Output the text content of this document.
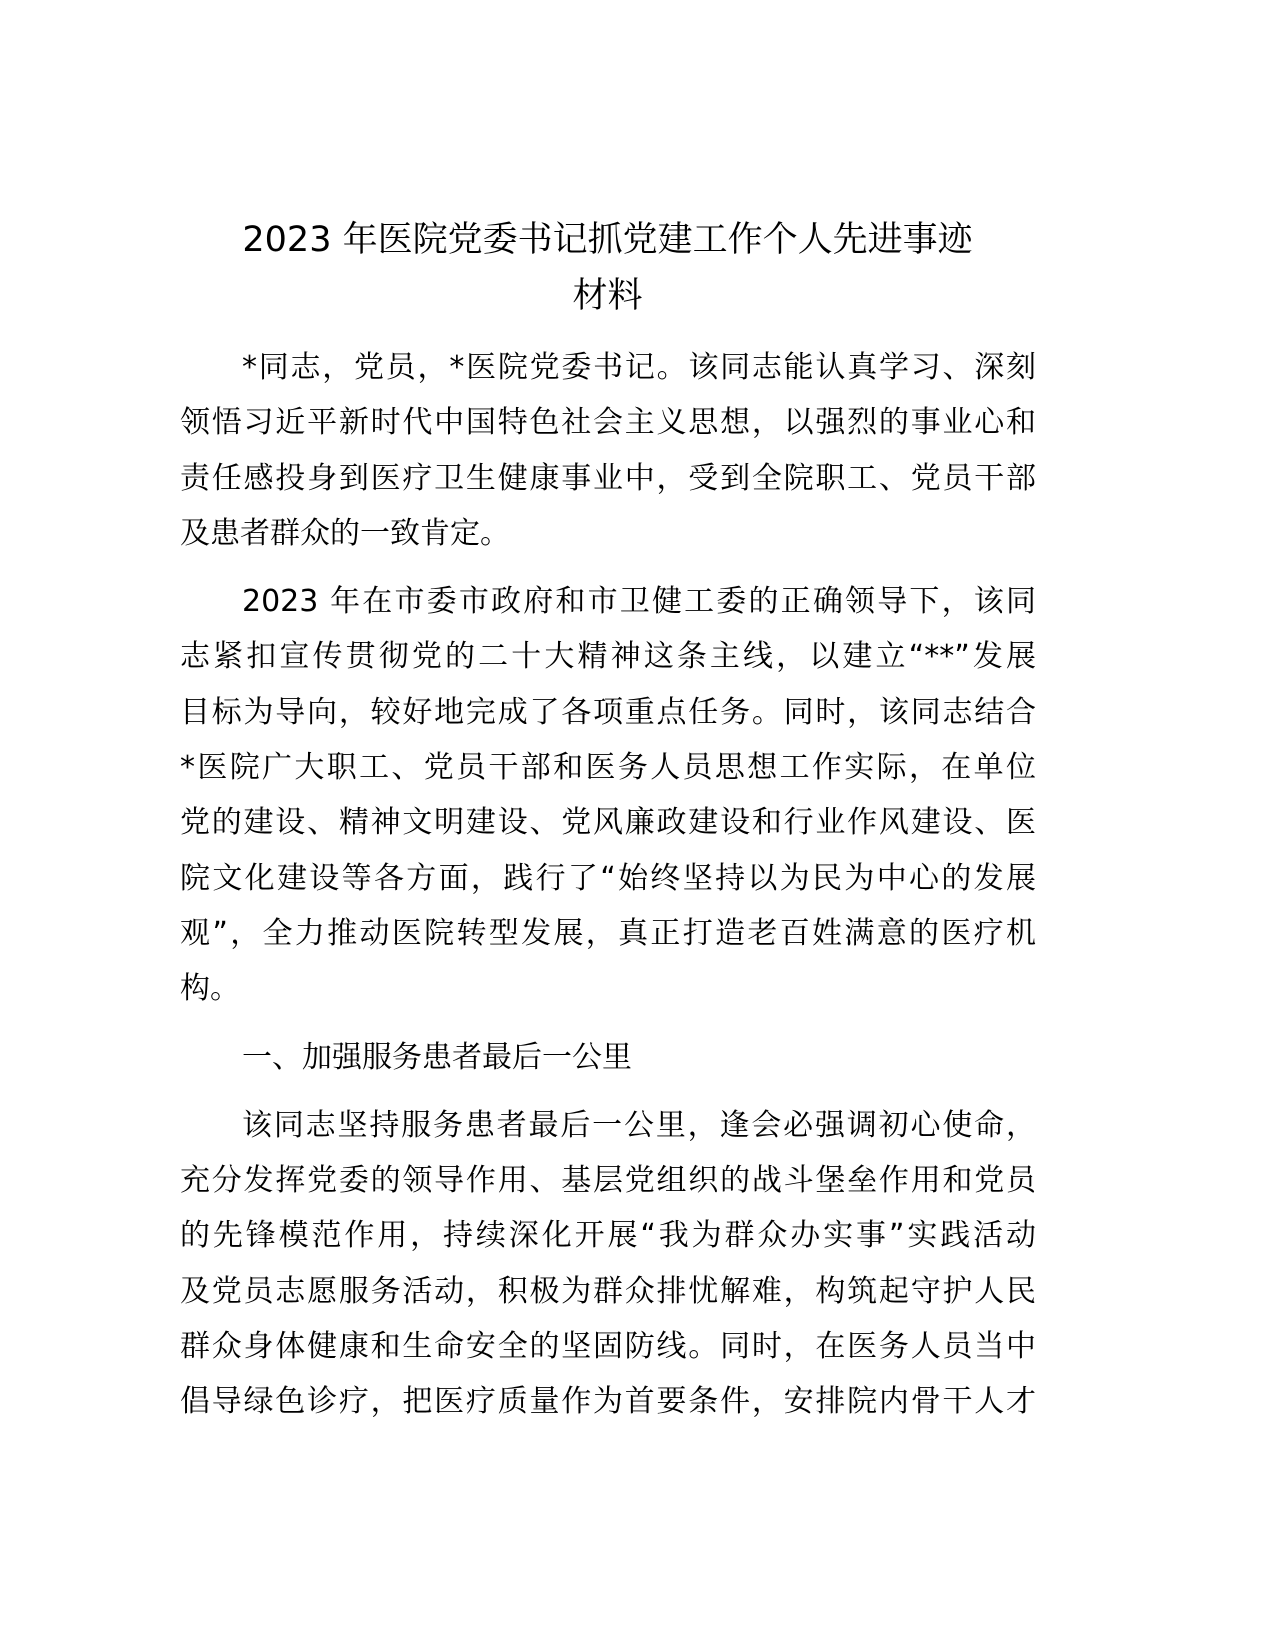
2023 年医院党委书记抓党建工作个人先进事迹
材料
*同志，党员，*医院党委书记。该同志能认真学习、深刻
领悟习近平新时代中国特色社会主义思想，以强烈的事业心和
责任感投身到医疗卫生健康事业中，受到全院职工、党员干部
及患者群众的一致肯定。
2023 年在市委市政府和市卫健工委的正确领导下，该同
志紧扣宣传贯彻党的二十大精神这条主线，以建立“**”发展
目标为导向，较好地完成了各项重点任务。同时，该同志结合
*医院广大职工、党员干部和医务人员思想工作实际，在单位
党的建设、精神文明建设、党风廉政建设和行业作风建设、医
院文化建设等各方面，践行了“始终坚持以为民为中心的发展
观”，全力推动医院转型发展，真正打造老百姓满意的医疗机
构。
一、加强服务患者最后一公里
该同志坚持服务患者最后一公里，逢会必强调初心使命，
充分发挥党委的领导作用、基层党组织的战斗堡垒作用和党员
的先锋模范作用，持续深化开展“我为群众办实事”实践活动
及党员志愿服务活动，积极为群众排忧解难，构筑起守护人民
群众身体健康和生命安全的坚固防线。同时，在医务人员当中
倡导绿色诊疗，把医疗质量作为首要条件，安排院内骨干人才
